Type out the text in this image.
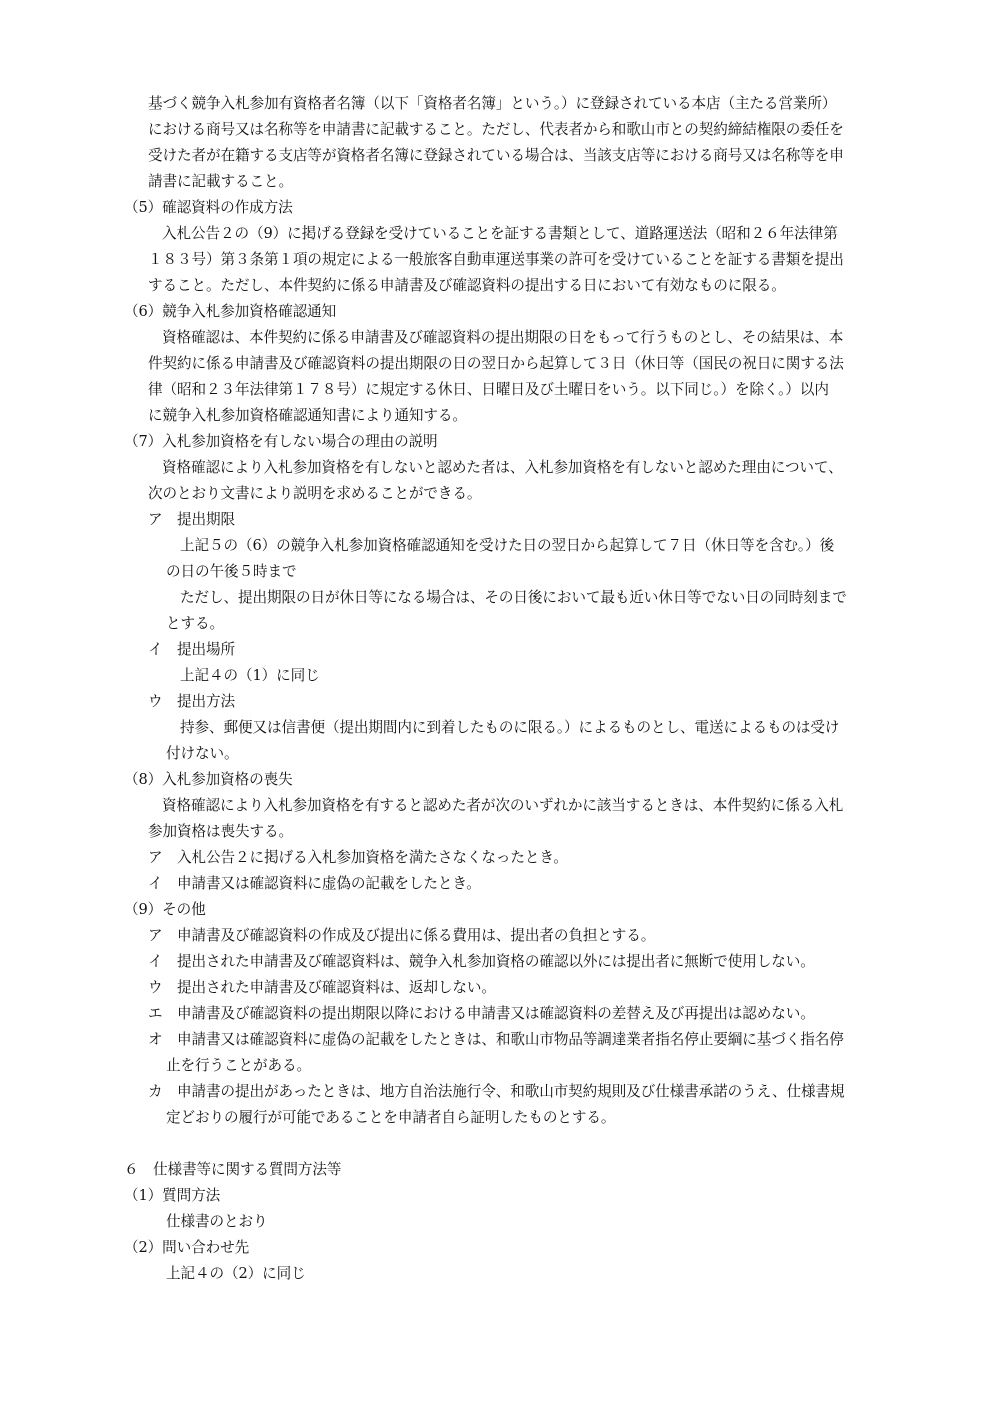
基づく競争入札参加有資格者名簿（以下「資格者名簿」という。）に登録されている本店（主たる営業所）
における商号又は名称等を申請書に記載すること。ただし、代表者から和歌山市との契約締結権限の委任を
受けた者が在籍する支店等が資格者名簿に登録されている場合は、当該支店等における商号又は名称等を申
請書に記載すること。
（5）確認資料の作成方法
入札公告２の（9）に掲げる登録を受けていることを証する書類として、道路運送法（昭和２６年法律第
１８３号）第３条第１項の規定による一般旅客自動車運送事業の許可を受けていることを証する書類を提出
すること。ただし、本件契約に係る申請書及び確認資料の提出する日において有効なものに限る。
（6）競争入札参加資格確認通知
資格確認は、本件契約に係る申請書及び確認資料の提出期限の日をもって行うものとし、その結果は、本
件契約に係る申請書及び確認資料の提出期限の日の翌日から起算して３日（休日等（国民の祝日に関する法
律（昭和２３年法律第１７８号）に規定する休日、日曜日及び土曜日をいう。以下同じ。）を除く。）以内
に競争入札参加資格確認通知書により通知する。
（7）入札参加資格を有しない場合の理由の説明
資格確認により入札参加資格を有しないと認めた者は、入札参加資格を有しないと認めた理由について、
次のとおり文書により説明を求めることができる。
ア　提出期限
上記５の（6）の競争入札参加資格確認通知を受けた日の翌日から起算して７日（休日等を含む。）後
の日の午後５時まで
ただし、提出期限の日が休日等になる場合は、その日後において最も近い休日等でない日の同時刻まで
とする。
イ　提出場所
上記４の（1）に同じ
ウ　提出方法
持参、郵便又は信書便（提出期間内に到着したものに限る。）によるものとし、電送によるものは受け
付けない。
（8）入札参加資格の喪失
資格確認により入札参加資格を有すると認めた者が次のいずれかに該当するときは、本件契約に係る入札
参加資格は喪失する。
ア　入札公告２に掲げる入札参加資格を満たさなくなったとき。
イ　申請書又は確認資料に虚偽の記載をしたとき。
（9）その他
ア　申請書及び確認資料の作成及び提出に係る費用は、提出者の負担とする。
イ　提出された申請書及び確認資料は、競争入札参加資格の確認以外には提出者に無断で使用しない。
ウ　提出された申請書及び確認資料は、返却しない。
エ　申請書及び確認資料の提出期限以降における申請書又は確認資料の差替え及び再提出は認めない。
オ　申請書又は確認資料に虚偽の記載をしたときは、和歌山市物品等調達業者指名停止要綱に基づく指名停
止を行うことがある。
カ　申請書の提出があったときは、地方自治法施行令、和歌山市契約規則及び仕様書承諾のうえ、仕様書規
定どおりの履行が可能であることを申請者自ら証明したものとする。
６　仕様書等に関する質問方法等
（1）質問方法
仕様書のとおり
（2）問い合わせ先
上記４の（2）に同じ
